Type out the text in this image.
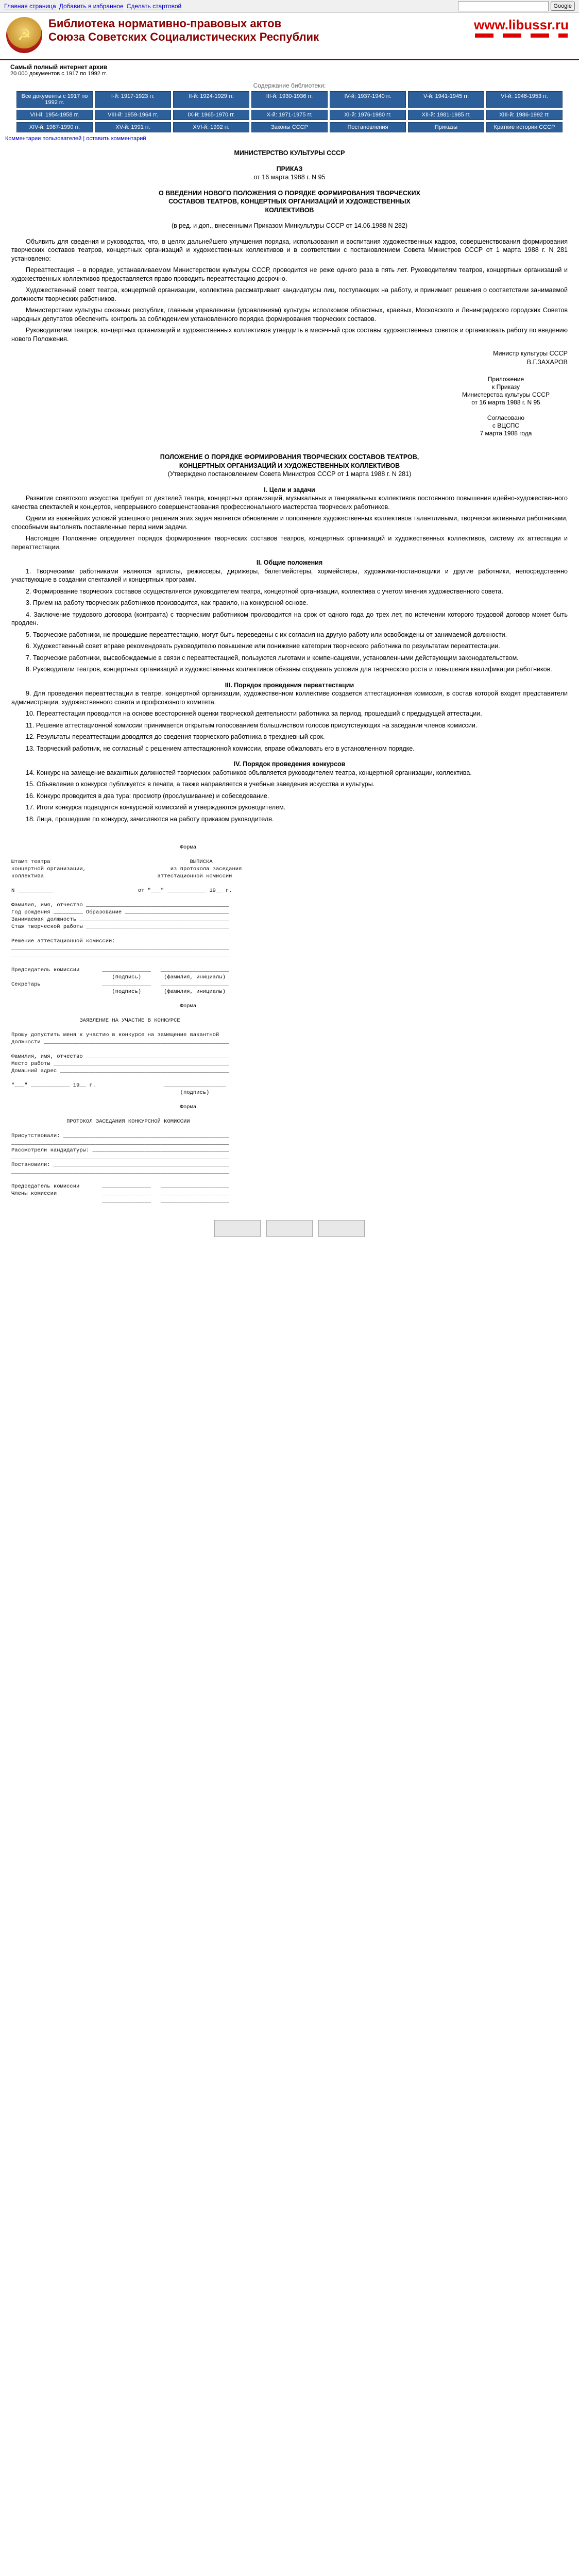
Главная страница Добавить в избранное Сделать стартовой	Google
☭
Библиотека нормативно-правовых актов
Союза Советских Социалистических Республик
www.libussr.ru
Самый полный интернет архив
20 000 документов с 1917 по 1992 гг.
Содержание библиотеки:
Все документы с 1917 по 1992 гг.
I-й: 1917-1923 гг.	II-й: 1924-1929 гг.	III-й: 1930-1936 гг.	IV-й: 1937-1940 гг.	V-й: 1941-1945 гг.	VI-й: 1946-1953 гг.
VII-й: 1954-1958 гг.	VIII-й: 1959-1964 гг.	IX-й: 1965-1970 гг.	X-й: 1971-1975 гг.	XI-й: 1976-1980 гг.	XII-й: 1981-1985 гг.	XIII-й: 1986-1992 гг.
XIV-й: 1987-1990 гг.	XV-й: 1991 гг.	XVI-й: 1992 гг.	Законы СССР	Постановления	Приказы	Краткие истории СССР
Комментарии пользователей | оставить комментарий
МИНИСТЕРСТВО КУЛЬТУРЫ СССР
ПРИКАЗ
от 16 марта 1988 г. N 95
О ВВЕДЕНИИ НОВОГО ПОЛОЖЕНИЯ О ПОРЯДКЕ ФОРМИРОВАНИЯ ТВОРЧЕСКИХ СОСТАВОВ ТЕАТРОВ, КОНЦЕРТНЫХ ОРГАНИЗАЦИЙ И ХУДОЖЕСТВЕННЫХ КОЛЛЕКТИВОВ
(в ред. и доп., внесенными Приказом Минкультуры СССР от 14.06.1988 N 282)

Объявить для сведения и руководства, что, в целях дальнейшего улучшения порядка, использования и воспитания художественных кадров, совершенствования формирования творческих составов театров, концертных организаций и художественных коллективов и в соответствии с постановлением Совета Министров СССР от 1 марта 1988 г. N 281 установлено:

Переаттестация – в порядке, устанавливаемом Министерством культуры СССР, проводится не реже одного раза в пять лет. Руководителям театров, концертных организаций и художественных коллективов предоставляется право проводить переаттестацию досрочно.

Художественный совет театра, концертной организации, коллектива рассматривает кандидатуры лиц, поступающих на работу, и принимает решения о соответствии занимаемой должности творческих работников.

Министерствам культуры союзных республик, главным управлениям (управлениям) культуры исполкомов областных, краевых, Московского и Ленинградского городских Советов народных депутатов обеспечить контроль за соблюдением установленного порядка формирования творческих составов.

Руководителям театров, концертных организаций и художественных коллективов утвердить в месячный срок составы художественных советов и организовать работу по введению нового Положения.

Министр культуры СССР
В.Г.ЗАХАРОВ
Приложение
к Приказу
Министерства культуры СССР
от 16 марта 1988 г. N 95

Согласовано
с ВЦСПС
7 марта 1988 года
ПОЛОЖЕНИЕ О ПОРЯДКЕ ФОРМИРОВАНИЯ ТВОРЧЕСКИХ СОСТАВОВ ТЕАТРОВ, КОНЦЕРТНЫХ ОРГАНИЗАЦИЙ И ХУДОЖЕСТВЕННЫХ КОЛЛЕКТИВОВ
(Утверждено постановлением Совета Министров СССР от 1 марта 1988 г. N 281)
I. Цели и задачи

Развитие советского искусства требует от деятелей театра, концертных организаций, музыкальных и танцевальных коллективов постоянного повышения идейно-художественного качества спектаклей и концертов, непрерывного совершенствования профессионального мастерства творческих работников.

Одним из важнейших условий успешного решения этих задач является обновление и пополнение художественных коллективов талантливыми, творчески активными работниками, способными выполнять поставленные перед ними задачи.

Настоящее Положение определяет порядок формирования творческих составов театров, концертных организаций и художественных коллективов, систему их аттестации и переаттестации.

II. Общие положения

1. Творческими работниками являются артисты, режиссеры, дирижеры, балетмейстеры, хормейстеры, художники-постановщики и другие работники, непосредственно участвующие в создании спектаклей и концертных программ.

2. Формирование творческих составов осуществляется руководителем театра, концертной организации, коллектива с учетом мнения художественного совета.

3. Прием на работу творческих работников производится, как правило, на конкурсной основе.

4. Заключение трудового договора (контракта) с творческим работником производится на срок от одного года до трех лет, по истечении которого трудовой договор может быть продлен.

5. Творческие работники, не прошедшие переаттестацию, могут быть переведены с их согласия на другую работу или освобождены от занимаемой должности.

6. Художественный совет вправе рекомендовать руководителю повышение или понижение категории творческого работника по результатам переаттестации.

7. Творческие работники, высвобождаемые в связи с переаттестацией, пользуются льготами и компенсациями, установленными действующим законодательством.

8. Руководители театров, концертных организаций и художественных коллективов обязаны создавать условия для творческого роста и повышения квалификации работников.

III. Порядок проведения переаттестации

9. Для проведения переаттестации в театре, концертной организации, художественном коллективе создается аттестационная комиссия, в состав которой входят представители администрации, художественного совета и профсоюзного комитета.

10. Переаттестация проводится на основе всесторонней оценки творческой деятельности работника за период, прошедший с предыдущей аттестации.

11. Решение аттестационной комиссии принимается открытым голосованием большинством голосов присутствующих на заседании членов комиссии.

12. Результаты переаттестации доводятся до сведения творческого работника в трехдневный срок.

13. Творческий работник, не согласный с решением аттестационной комиссии, вправе обжаловать его в установленном порядке.

IV. Порядок проведения конкурсов

14. Конкурс на замещение вакантных должностей творческих работников объявляется руководителем театра, концертной организации, коллектива.

15. Объявление о конкурсе публикуется в печати, а также направляется в учебные заведения искусства и культуры.

16. Конкурс проводится в два тура: просмотр (прослушивание) и собеседование.

17. Итоги конкурса подводятся конкурсной комиссией и утверждаются руководителем.

18. Лица, прошедшие по конкурсу, зачисляются на работу приказом руководителя.

Форма

Штамп театра                                           ВЫПИСКА
концертной организации,                          из протокола заседания
коллектива                                   аттестационной комиссии

N ___________                          от "___" ____________ 19__ г.

Фамилия, имя, отчество ____________________________________________
Год рождения _________ Образование ________________________________
Занимаемая должность ______________________________________________
Стаж творческой работы ____________________________________________

Решение аттестационной комиссии:
___________________________________________________________________
___________________________________________________________________

Председатель комиссии       _______________   _____________________
(подпись)       (фамилия, инициалы)
Секретарь                   _______________   _____________________
(подпись)       (фамилия, инициалы)

Форма

ЗАЯВЛЕНИЕ НА УЧАСТИЕ В КОНКУРСЕ

Прошу допустить меня к участию в конкурсе на замещение вакантной
должности _________________________________________________________

Фамилия, имя, отчество ____________________________________________
Место работы ______________________________________________________
Домашний адрес ____________________________________________________

"___" ____________ 19__ г.                     ___________________
(подпись)

Форма

ПРОТОКОЛ ЗАСЕДАНИЯ КОНКУРСНОЙ КОМИССИИ

Присутствовали: ___________________________________________________
___________________________________________________________________
Рассмотрели кандидатуры: __________________________________________
___________________________________________________________________
Постановили: ______________________________________________________
___________________________________________________________________

Председатель комиссии       _______________   _____________________
Члены комиссии              _______________   _____________________
_______________   _____________________
